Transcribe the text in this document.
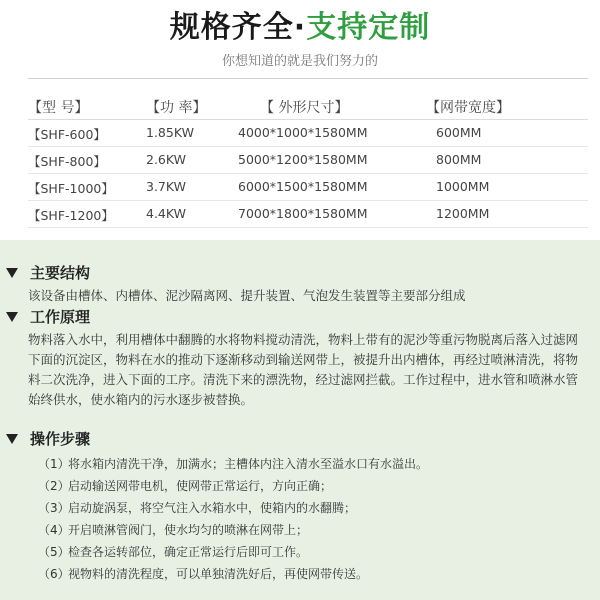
规格齐全·支持定制
你想知道的就是我们努力的
【型 号】	【功 率】	【 外形尺寸】	【网带宽度】
【SHF-600】	1.85KW	4000*1000*1580MM	600MM
【SHF-800】	2.6KW	5000*1200*1580MM	800MM
【SHF-1000】	3.7KW	6000*1500*1580MM	1000MM
【SHF-1200】	4.4KW	7000*1800*1580MM	1200MM
主要结构
该设备由槽体、内槽体、泥沙隔离网、提升装置、气泡发生装置等主要部分组成
工作原理
物料落入水中，利用槽体中翻腾的水将物料搅动清洗，物料上带有的泥沙等重污物脱离后落入过滤网下面的沉淀区，物料在水的推动下逐渐移动到输送网带上，被提升出内槽体，再经过喷淋清洗，将物料二次洗净，进入下面的工序。清洗下来的漂洗物，经过滤网拦截。工作过程中，进水管和喷淋水管始终供水，使水箱内的污水逐步被替换。
操作步骤
（1）将水箱内清洗干净，加满水；主槽体内注入清水至溢水口有水溢出。
（2）启动输送网带电机，使网带正常运行，方向正确；
（3）启动旋涡泵，将空气注入水箱水中，使箱内的水翻腾；
（4）开启喷淋管阀门，使水均匀的喷淋在网带上；
（5）检查各运转部位，确定正常运行后即可工作。
（6）视物料的清洗程度，可以单独清洗好后，再使网带传送。
